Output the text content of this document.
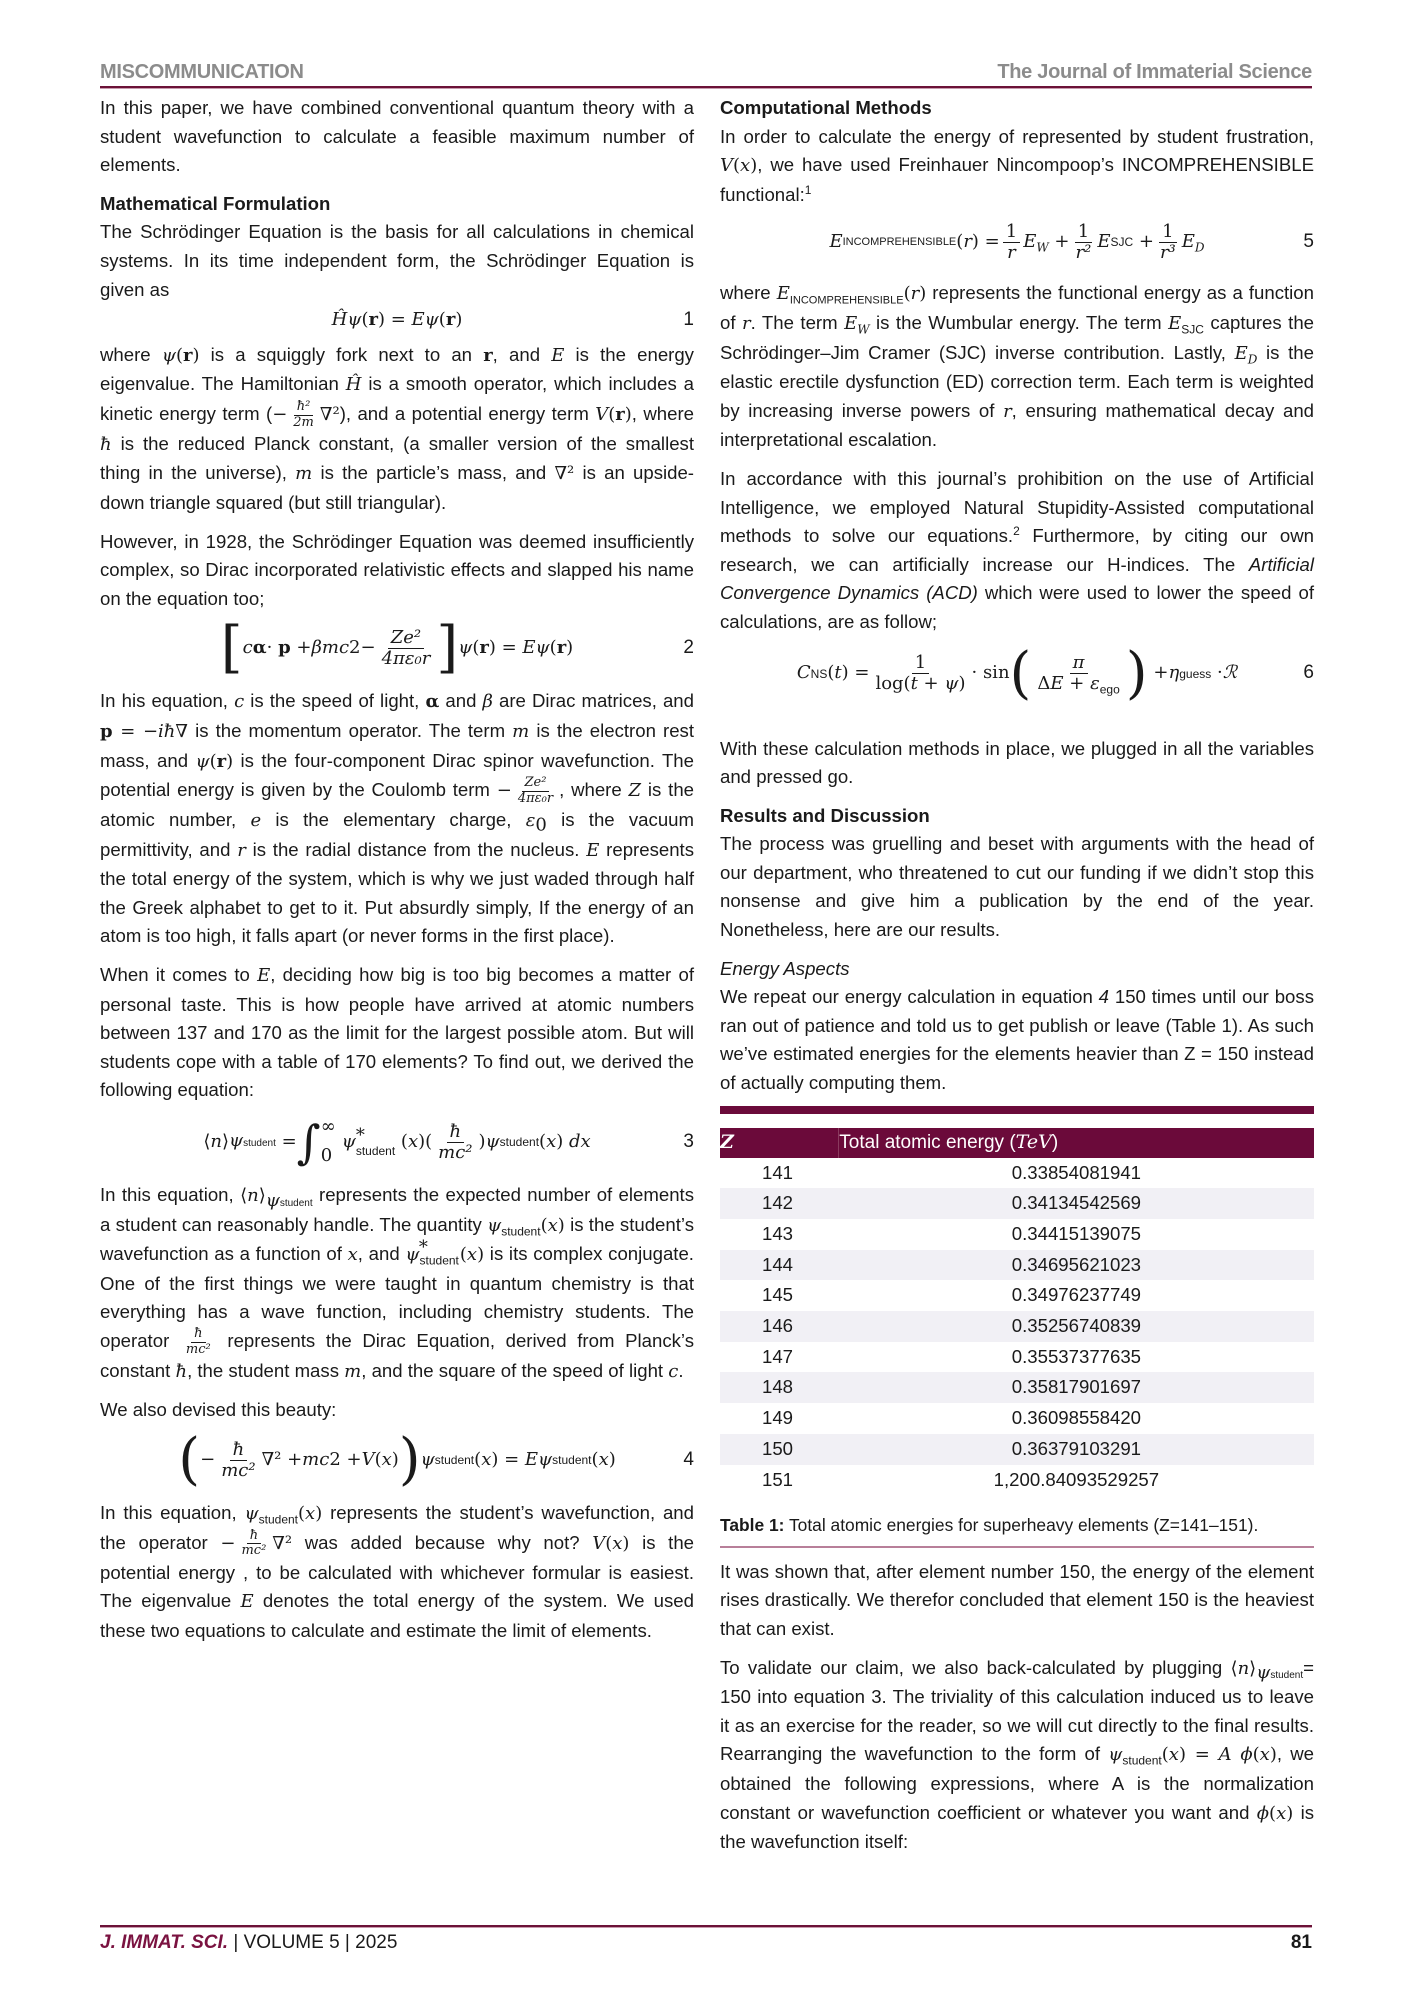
MISCOMMUNICATION	The Journal of Immaterial Science

In this paper, we have combined conventional quantum theory with a student wavefunction to calculate a feasible maximum number of elements.

Mathematical Formulation

The Schrödinger Equation is the basis for all calculations in chemical systems. In its time independent form, the Schrödinger Equation is given as

Ĥψ (r) = Eψ (r)	1

where ψ(r) is a squiggly fork next to an r, and E is the energy eigenvalue. The Hamiltonian Ĥ is a smooth operator, which includes a kinetic energy term (− $\frac{\text{ħ²}}{2m} \nabla^2$), and a potential energy term V(r), where ħ is the reduced Planck constant, (a smaller version of the smallest thing in the universe), m is the particle’s mass, and ∇² is an upside-down triangle squared (but still triangular).

However, in 1928, the Schrödinger Equation was deemed insufficiently complex, so Dirac incorporated relativistic effects and slapped his name on the equation too;

[ c α · p + βmc $2 - \frac{\text{Ze²}}{\text{4πε₀r}}$ ] ψ (r) = Eψ (r)	2

In his equation, c is the speed of light, α and β are Dirac matrices, and p = −iħ∇ is the momentum operator. The term m is the electron rest mass, and ψ(r) is the four-component Dirac spinor wavefunction. The potential energy is given by the Coulomb term − $\frac{\text{Ze²}}{\text{4πε₀r}}$ , where Z is the atomic number, e is the elementary charge, $\varepsilon_0$ is the vacuum permittivity, and r is the radial distance from the nucleus. E represents the total energy of the system, which is why we just waded through half the Greek alphabet to get to it. Put absurdly simply, If the energy of an atom is too high, it falls apart (or never forms in the first place).

When it comes to E, deciding how big is too big becomes a matter of personal taste. This is how people have arrived at atomic numbers between 137 and 170 as the limit for the largest possible atom. But will students cope with a table of 170 elements? To find out, we derived the following equation:

⟨ n ⟩ ψstudent = ∫ ∞
0
ψ *
student ( x )( $\frac{ħ}{\text{mc²}}$ ) ψ student ( x ) dx	3

In this equation, $⟨n⟩_{\psi student}$ represents the expected number of elements a student can reasonably handle. The quantity $\psi_{student}(x)$ is the student’s wavefunction as a function of x, and $\psi_{student}^*$ (x) is its complex conjugate. One of the first things we were taught in quantum chemistry is that everything has a wave function, including chemistry students. The operator $\frac{ħ}{\text{mc²}}$ represents the Dirac Equation, derived from Planck’s constant ħ, the student mass m, and the square of the speed of light c.

We also devised this beauty:

( − $\frac{ħ}{\text{mc²}} \nabla^2$ + mc 2 + V ( x ) ) ψ student ( x ) = Eψ student ( x )	4

In this equation, $\psi_{student}(x)$ represents the student’s wavefunction, and the operator − $\frac{ħ}{\text{mc²}} \nabla^2$ was added because why not? V(x) is the potential energy , to be calculated with whichever formular is easiest. The eigenvalue E denotes the total energy of the system. We used these two equations to calculate and estimate the limit of elements.

Computational Methods

In order to calculate the energy of represented by student frustration, V(x), we have used Freinhauer Nincompoop’s INCOMPREHENSIBLE functional:$^1$

E INCOMPREHENSIBLE ( r ) = $\frac{1}{r} E_W + \frac{1}{\text{r²}}$ E SJC + $\frac{1}{\text{r³}} E_D$	5

where $E_{INCOMPREHENSIBLE}(r)$ represents the functional energy as a function of r. The term $E_W$ is the Wumbular energy. The term $E_{SJC}$ captures the Schrödinger–Jim Cramer (SJC) inverse contribution. Lastly, $E_D$ is the elastic erectile dysfunction (ED) correction term. Each term is weighted by increasing inverse powers of r, ensuring mathematical decay and interpretational escalation.

In accordance with this journal’s prohibition on the use of Artificial Intelligence, we employed Natural Stupidity-Assisted computational methods to solve our equations.$^2$ Furthermore, by citing our own research, we can artificially increase our H-indices. The Artificial Convergence Dynamics (ACD) which were used to lower the speed of calculations, are as follow;

C NS ( t ) = $\frac{1}{\log(t + \psi)} \cdot \sin$ ( $\frac{\pi}{\Delta E + \varepsilon_{ego}}$ ) + η guess · ℛ	6

With these calculation methods in place, we plugged in all the variables and pressed go.

Results and Discussion

The process was gruelling and beset with arguments with the head of our department, who threatened to cut our funding if we didn’t stop this nonsense and give him a publication by the end of the year. Nonetheless, here are our results.

Energy Aspects

We repeat our energy calculation in equation 4 150 times until our boss ran out of patience and told us to get publish or leave (Table 1). As such we’ve estimated energies for the elements heavier than Z = 150 instead of actually computing them.

Z	Total atomic energy (TeV)
141	0.33854081941
142	0.34134542569
143	0.34415139075
144	0.34695621023
145	0.34976237749
146	0.35256740839
147	0.35537377635
148	0.35817901697
149	0.36098558420
150	0.36379103291
151	1,200.84093529257
Table 1: Total atomic energies for superheavy elements (Z=141–151).

It was shown that, after element number 150, the energy of the element rises drastically. We therefor concluded that element 150 is the heaviest that can exist.

To validate our claim, we also back-calculated by plugging $⟨n⟩_{\psi student}= 150$ into equation 3. The triviality of this calculation induced us to leave it as an exercise for the reader, so we will cut directly to the final results. Rearranging the wavefunction to the form of $\psi_{student}(x) = A$ ϕ(x), we obtained the following expressions, where A is the normalization constant or wavefunction coefficient or whatever you want and ϕ(x) is the wavefunction itself:

J. IMMAT. SCI. | VOLUME 5 | 2025	81
